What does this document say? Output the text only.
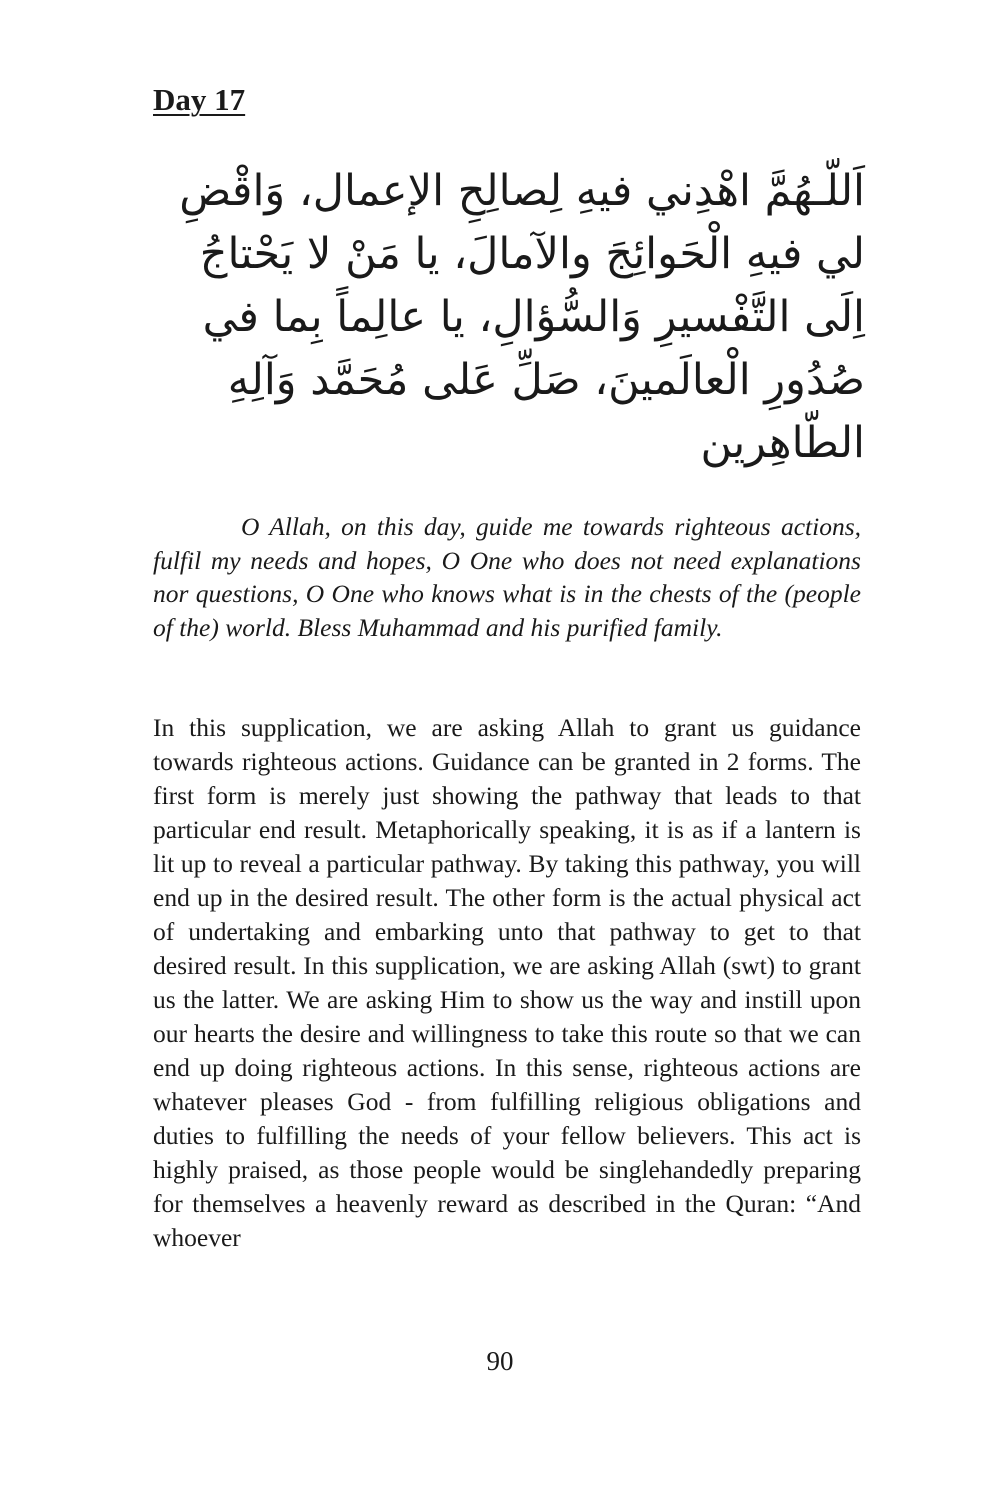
Day 17
اَللّـهُمَّ اهْدِني فيهِ لِصالِحِ الإعمال، وَاقْضِ
لي فيهِ الْحَوائِجَ والآمالَ، يا مَنْ لا يَحْتاجُ
اِلَى التَّفْسيرِ وَالسُّؤالِ، يا عالِماً بِما في
صُدُورِ الْعالَمينَ، صَلِّ عَلى مُحَمَّد وَآلِهِ
الطّاهِرين

O Allah, on this day, guide me towards righteous actions, fulfil my needs and hopes, O One who does not need explanations nor questions, O One who knows what is in the chests of the (people of the) world. Bless Muhammad and his purified family.

In this supplication, we are asking Allah to grant us guidance towards righteous actions. Guidance can be granted in 2 forms. The first form is merely just showing the pathway that leads to that particular end result. Metaphorically speaking, it is as if a lantern is lit up to reveal a particular pathway. By taking this pathway, you will end up in the desired result. The other form is the actual physical act of undertaking and embarking unto that pathway to get to that desired result. In this supplication, we are asking Allah (swt) to grant us the latter. We are asking Him to show us the way and instill upon our hearts the desire and willingness to take this route so that we can end up doing righteous actions. In this sense, righteous actions are whatever pleases God - from fulfilling religious obligations and duties to fulfilling the needs of your fellow believers. This act is highly praised, as those people would be singlehandedly preparing for themselves a heavenly reward as described in the Quran: “And whoever

90
